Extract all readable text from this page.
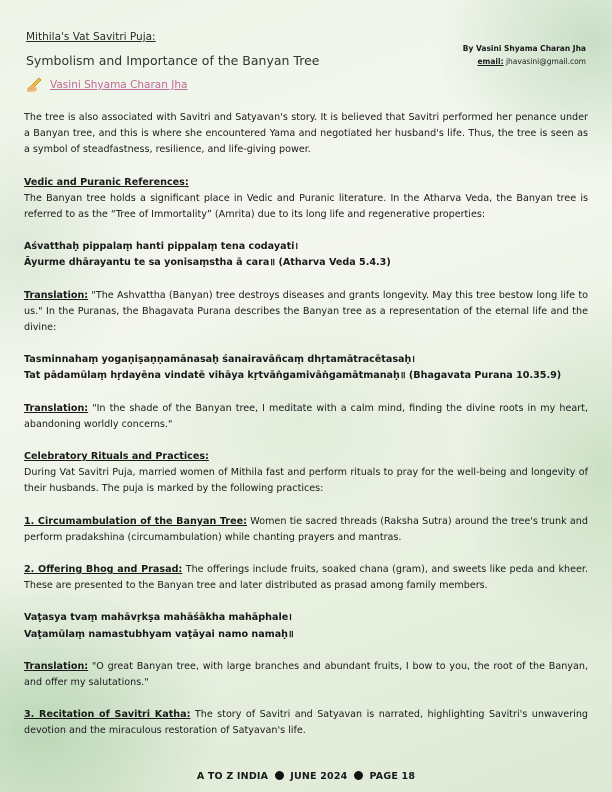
Mithila's Vat Savitri Puja:
Symbolism and Importance of the Banyan Tree
Vasini Shyama Charan Jha
By Vasini Shyama Charan Jha
email: jhavasini@gmail.com

The tree is also associated with Savitri and Satyavan's story. It is believed that Savitri performed her penance under a Banyan tree, and this is where she encountered Yama and negotiated her husband's life. Thus, the tree is seen as a symbol of steadfastness, resilience, and life-giving power.

Vedic and Puranic References:
The Banyan tree holds a significant place in Vedic and Puranic literature. In the Atharva Veda, the Banyan tree is referred to as the “Tree of Immortality” (Amrita) due to its long life and regenerative properties:

Aśvatthaḥ pippalaṃ hanti pippalaṃ tena codayati।
Āyurme dhārayantu te sa yonisaṃstha ā cara॥ (Atharva Veda 5.4.3)

Translation: "The Ashvattha (Banyan) tree destroys diseases and grants longevity. May this tree bestow long life to us." In the Puranas, the Bhagavata Purana describes the Banyan tree as a representation of the eternal life and the divine:

Tasminnahaṃ yogaṇiṣaṇṇamānasaḥ śanairavāñcaṃ dhṛtamātracētasaḥ।
Tat pādamūlaṃ hṛdayēna vindatē vihāya kṛtvāṅgamivāṅgamātmanaḥ॥ (Bhagavata Purana 10.35.9)

Translation: "In the shade of the Banyan tree, I meditate with a calm mind, finding the divine roots in my heart, abandoning worldly concerns."

Celebratory Rituals and Practices:
During Vat Savitri Puja, married women of Mithila fast and perform rituals to pray for the well-being and longevity of their husbands. The puja is marked by the following practices:

1. Circumambulation of the Banyan Tree: Women tie sacred threads (Raksha Sutra) around the tree's trunk and perform pradakshina (circumambulation) while chanting prayers and mantras.

2. Offering Bhog and Prasad: The offerings include fruits, soaked chana (gram), and sweets like peda and kheer. These are presented to the Banyan tree and later distributed as prasad among family members.

Vaṭasya tvaṃ mahāvṛkṣa mahāśākha mahāphale।
Vaṭamūlaṃ namastubhyam vaṭāyai namo namaḥ॥

Translation: "O great Banyan tree, with large branches and abundant fruits, I bow to you, the root of the Banyan, and offer my salutations."

3. Recitation of Savitri Katha: The story of Savitri and Satyavan is narrated, highlighting Savitri's unwavering devotion and the miraculous restoration of Satyavan's life.

A TO Z INDIA JUNE 2024 PAGE 18
